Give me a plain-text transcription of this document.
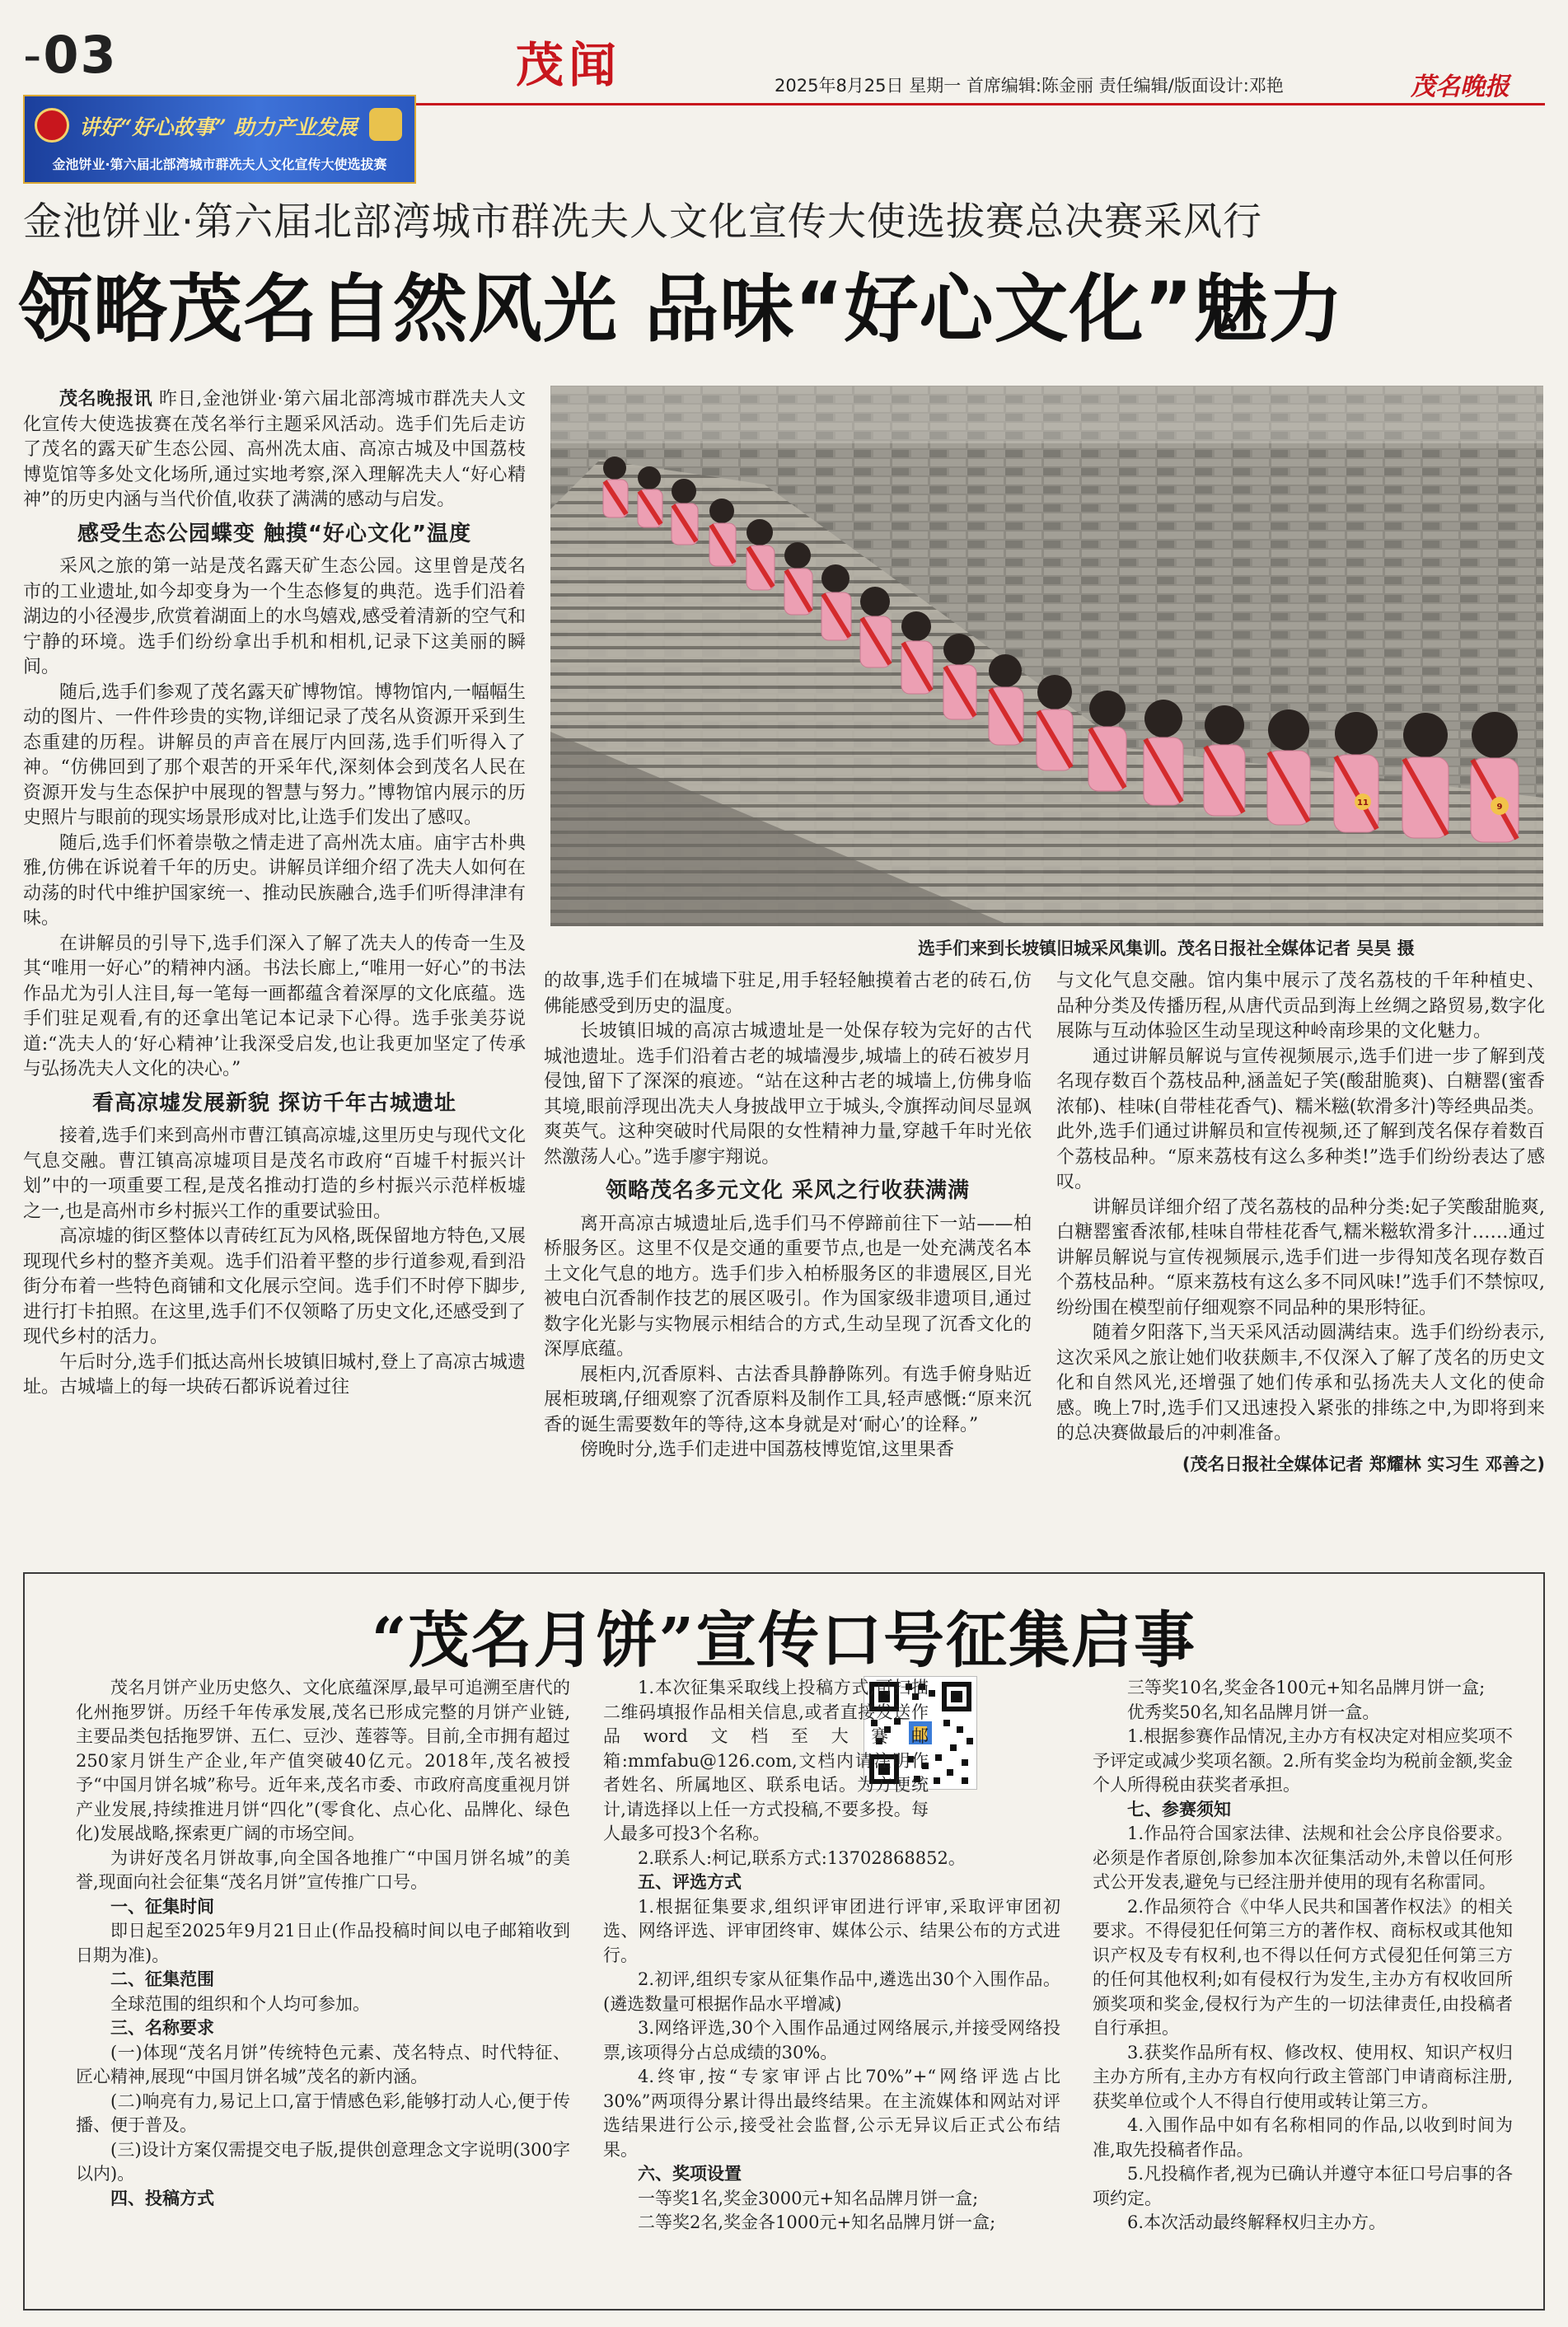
-03	茂闻	2025年8月25日 星期一 首席编辑:陈金丽 责任编辑/版面设计:邓艳	茂名晚报
讲好“好心故事” 助力产业发展
金池饼业·第六届北部湾城市群冼夫人文化宣传大使选拔赛
金池饼业·第六届北部湾城市群冼夫人文化宣传大使选拔赛总决赛采风行
领略茂名自然风光 品味“好心文化”魅力

茂名晚报讯 昨日,金池饼业·第六届北部湾城市群冼夫人文化宣传大使选拔赛在茂名举行主题采风活动。选手们先后走访了茂名的露天矿生态公园、高州冼太庙、高凉古城及中国荔枝博览馆等多处文化场所,通过实地考察,深入理解冼夫人“好心精神”的历史内涵与当代价值,收获了满满的感动与启发。

感受生态公园蝶变 触摸“好心文化”温度

采风之旅的第一站是茂名露天矿生态公园。这里曾是茂名市的工业遗址,如今却变身为一个生态修复的典范。选手们沿着湖边的小径漫步,欣赏着湖面上的水鸟嬉戏,感受着清新的空气和宁静的环境。选手们纷纷拿出手机和相机,记录下这美丽的瞬间。

随后,选手们参观了茂名露天矿博物馆。博物馆内,一幅幅生动的图片、一件件珍贵的实物,详细记录了茂名从资源开采到生态重建的历程。讲解员的声音在展厅内回荡,选手们听得入了神。“仿佛回到了那个艰苦的开采年代,深刻体会到茂名人民在资源开发与生态保护中展现的智慧与努力。”博物馆内展示的历史照片与眼前的现实场景形成对比,让选手们发出了感叹。

随后,选手们怀着崇敬之情走进了高州冼太庙。庙宇古朴典雅,仿佛在诉说着千年的历史。讲解员详细介绍了冼夫人如何在动荡的时代中维护国家统一、推动民族融合,选手们听得津津有味。

在讲解员的引导下,选手们深入了解了冼夫人的传奇一生及其“唯用一好心”的精神内涵。书法长廊上,“唯用一好心”的书法作品尤为引人注目,每一笔每一画都蕴含着深厚的文化底蕴。选手们驻足观看,有的还拿出笔记本记录下心得。选手张美芬说道:“冼夫人的‘好心精神’让我深受启发,也让我更加坚定了传承与弘扬冼夫人文化的决心。”

看高凉墟发展新貌 探访千年古城遗址

接着,选手们来到高州市曹江镇高凉墟,这里历史与现代文化气息交融。曹江镇高凉墟项目是茂名市政府“百墟千村振兴计划”中的一项重要工程,是茂名推动打造的乡村振兴示范样板墟之一,也是高州市乡村振兴工作的重要试验田。

高凉墟的街区整体以青砖红瓦为风格,既保留地方特色,又展现现代乡村的整齐美观。选手们沿着平整的步行道参观,看到沿街分布着一些特色商铺和文化展示空间。选手们不时停下脚步,进行打卡拍照。在这里,选手们不仅领略了历史文化,还感受到了现代乡村的活力。

午后时分,选手们抵达高州长坡镇旧城村,登上了高凉古城遗址。古城墙上的每一块砖石都诉说着过往

11	9
选手们来到长坡镇旧城采风集训。茂名日报社全媒体记者 吴昊 摄

的故事,选手们在城墙下驻足,用手轻轻触摸着古老的砖石,仿佛能感受到历史的温度。

长坡镇旧城的高凉古城遗址是一处保存较为完好的古代城池遗址。选手们沿着古老的城墙漫步,城墙上的砖石被岁月侵蚀,留下了深深的痕迹。“站在这种古老的城墙上,仿佛身临其境,眼前浮现出冼夫人身披战甲立于城头,令旗挥动间尽显飒爽英气。这种突破时代局限的女性精神力量,穿越千年时光依然激荡人心。”选手廖宇翔说。

领略茂名多元文化 采风之行收获满满

离开高凉古城遗址后,选手们马不停蹄前往下一站——柏桥服务区。这里不仅是交通的重要节点,也是一处充满茂名本土文化气息的地方。选手们步入柏桥服务区的非遗展区,目光被电白沉香制作技艺的展区吸引。作为国家级非遗项目,通过数字化光影与实物展示相结合的方式,生动呈现了沉香文化的深厚底蕴。

展柜内,沉香原料、古法香具静静陈列。有选手俯身贴近展柜玻璃,仔细观察了沉香原料及制作工具,轻声感慨:“原来沉香的诞生需要数年的等待,这本身就是对‘耐心’的诠释。”

傍晚时分,选手们走进中国荔枝博览馆,这里果香

与文化气息交融。馆内集中展示了茂名荔枝的千年种植史、品种分类及传播历程,从唐代贡品到海上丝绸之路贸易,数字化展陈与互动体验区生动呈现这种岭南珍果的文化魅力。

通过讲解员解说与宣传视频展示,选手们进一步了解到茂名现存数百个荔枝品种,涵盖妃子笑(酸甜脆爽)、白糖罂(蜜香浓郁)、桂味(自带桂花香气)、糯米糍(软滑多汁)等经典品类。此外,选手们通过讲解员和宣传视频,还了解到茂名保存着数百个荔枝品种。“原来荔枝有这么多种类!”选手们纷纷表达了感叹。

讲解员详细介绍了茂名荔枝的品种分类:妃子笑酸甜脆爽,白糖罂蜜香浓郁,桂味自带桂花香气,糯米糍软滑多汁……通过讲解员解说与宣传视频展示,选手们进一步得知茂名现存数百个荔枝品种。“原来荔枝有这么多不同风味!”选手们不禁惊叹,纷纷围在模型前仔细观察不同品种的果形特征。

随着夕阳落下,当天采风活动圆满结束。选手们纷纷表示,这次采风之旅让她们收获颇丰,不仅深入了解了茂名的历史文化和自然风光,还增强了她们传承和弘扬冼夫人文化的使命感。晚上7时,选手们又迅速投入紧张的排练之中,为即将到来的总决赛做最后的冲刺准备。

(茂名日报社全媒体记者 郑耀林 实习生 邓善之)
“茂名月饼”宣传口号征集启事

茂名月饼产业历史悠久、文化底蕴深厚,最早可追溯至唐代的化州拖罗饼。历经千年传承发展,茂名已形成完整的月饼产业链,主要品类包括拖罗饼、五仁、豆沙、莲蓉等。目前,全市拥有超过250家月饼生产企业,年产值突破40亿元。2018年,茂名被授予“中国月饼名城”称号。近年来,茂名市委、市政府高度重视月饼产业发展,持续推进月饼“四化”(零食化、点心化、品牌化、绿色化)发展战略,探索更广阔的市场空间。

为讲好茂名月饼故事,向全国各地推广“中国月饼名城”的美誉,现面向社会征集“茂名月饼”宣传推广口号。

一、征集时间

即日起至2025年9月21日止(作品投稿时间以电子邮箱收到日期为准)。

二、征集范围

全球范围的组织和个人均可参加。

三、名称要求

(一)体现“茂名月饼”传统特色元素、茂名特点、时代特征、匠心精神,展现“中国月饼名城”茂名的新内涵。

(二)响亮有力,易记上口,富于情感色彩,能够打动人心,便于传播、便于普及。

(三)设计方案仅需提交电子版,提供创意理念文字说明(300字以内)。

四、投稿方式

1.本次征集采取线上投稿方式,可扫描二维码填报作品相关信息,或者直接发送作品word文档至大赛邮箱:mmfabu@126.com,文档内请注明作者姓名、所属地区、联系电话。为方便统计,请选择以上任一方式投稿,不要多投。每人最多可投3个名称。

2.联系人:柯记,联系方式:13702868852。

五、评选方式

1.根据征集要求,组织评审团进行评审,采取评审团初选、网络评选、评审团终审、媒体公示、结果公布的方式进行。

2.初评,组织专家从征集作品中,遴选出30个入围作品。(遴选数量可根据作品水平增减)

3.网络评选,30个入围作品通过网络展示,并接受网络投票,该项得分占总成绩的30%。

4.终审,按“专家审评占比70%”+“网络评选占比30%”两项得分累计得出最终结果。在主流媒体和网站对评选结果进行公示,接受社会监督,公示无异议后正式公布结果。

六、奖项设置

一等奖1名,奖金3000元+知名品牌月饼一盒;

二等奖2名,奖金各1000元+知名品牌月饼一盒;

三等奖10名,奖金各100元+知名品牌月饼一盒;

优秀奖50名,知名品牌月饼一盒。

1.根据参赛作品情况,主办方有权决定对相应奖项不予评定或减少奖项名额。2.所有奖金均为税前金额,奖金个人所得税由获奖者承担。

七、参赛须知

1.作品符合国家法律、法规和社会公序良俗要求。必须是作者原创,除参加本次征集活动外,未曾以任何形式公开发表,避免与已经注册并使用的现有名称雷同。

2.作品须符合《中华人民共和国著作权法》的相关要求。不得侵犯任何第三方的著作权、商标权或其他知识产权及专有权利,也不得以任何方式侵犯任何第三方的任何其他权利;如有侵权行为发生,主办方有权收回所颁奖项和奖金,侵权行为产生的一切法律责任,由投稿者自行承担。

3.获奖作品所有权、修改权、使用权、知识产权归主办方所有,主办方有权向行政主管部门申请商标注册,获奖单位或个人不得自行使用或转让第三方。

4.入围作品中如有名称相同的作品,以收到时间为准,取先投稿者作品。

5.凡投稿作者,视为已确认并遵守本征口号启事的各项约定。

6.本次活动最终解释权归主办方。
